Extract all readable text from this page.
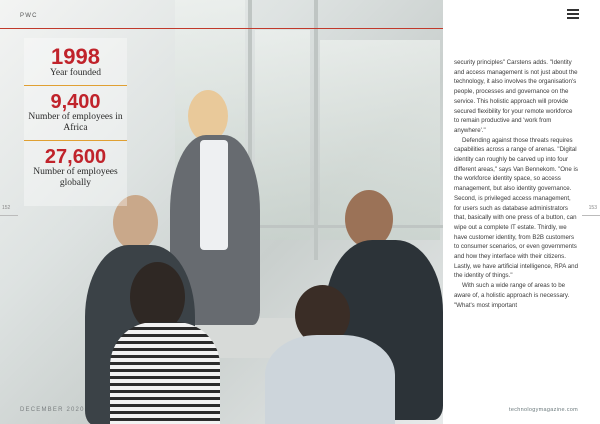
PWC
1998
Year founded
9,400
Number of employees in Africa
27,600
Number of employees globally
152
DECEMBER 2020

security principles" Carstens adds. "Identity and access management is not just about the technology, it also involves the organisation's people, processes and governance on the service. This holistic approach will provide secured flexibility for your remote workforce to remain productive and 'work from anywhere'."

Defending against those threats requires capabilities across a range of arenas. "Digital identity can roughly be carved up into four different areas," says Van Bennekom. "One is the workforce identity space, so access management, but also identity governance. Second, is privileged access management, for users such as database administrators that, basically with one press of a button, can wipe out a complete IT estate. Thirdly, we have customer identity, from B2B customers to consumer scenarios, or even governments and how they interface with their citizens. Lastly, we have artificial intelligence, RPA and the identity of things."

With such a wide range of areas to be aware of, a holistic approach is necessary. "What's most important

153
technologymagazine.com
